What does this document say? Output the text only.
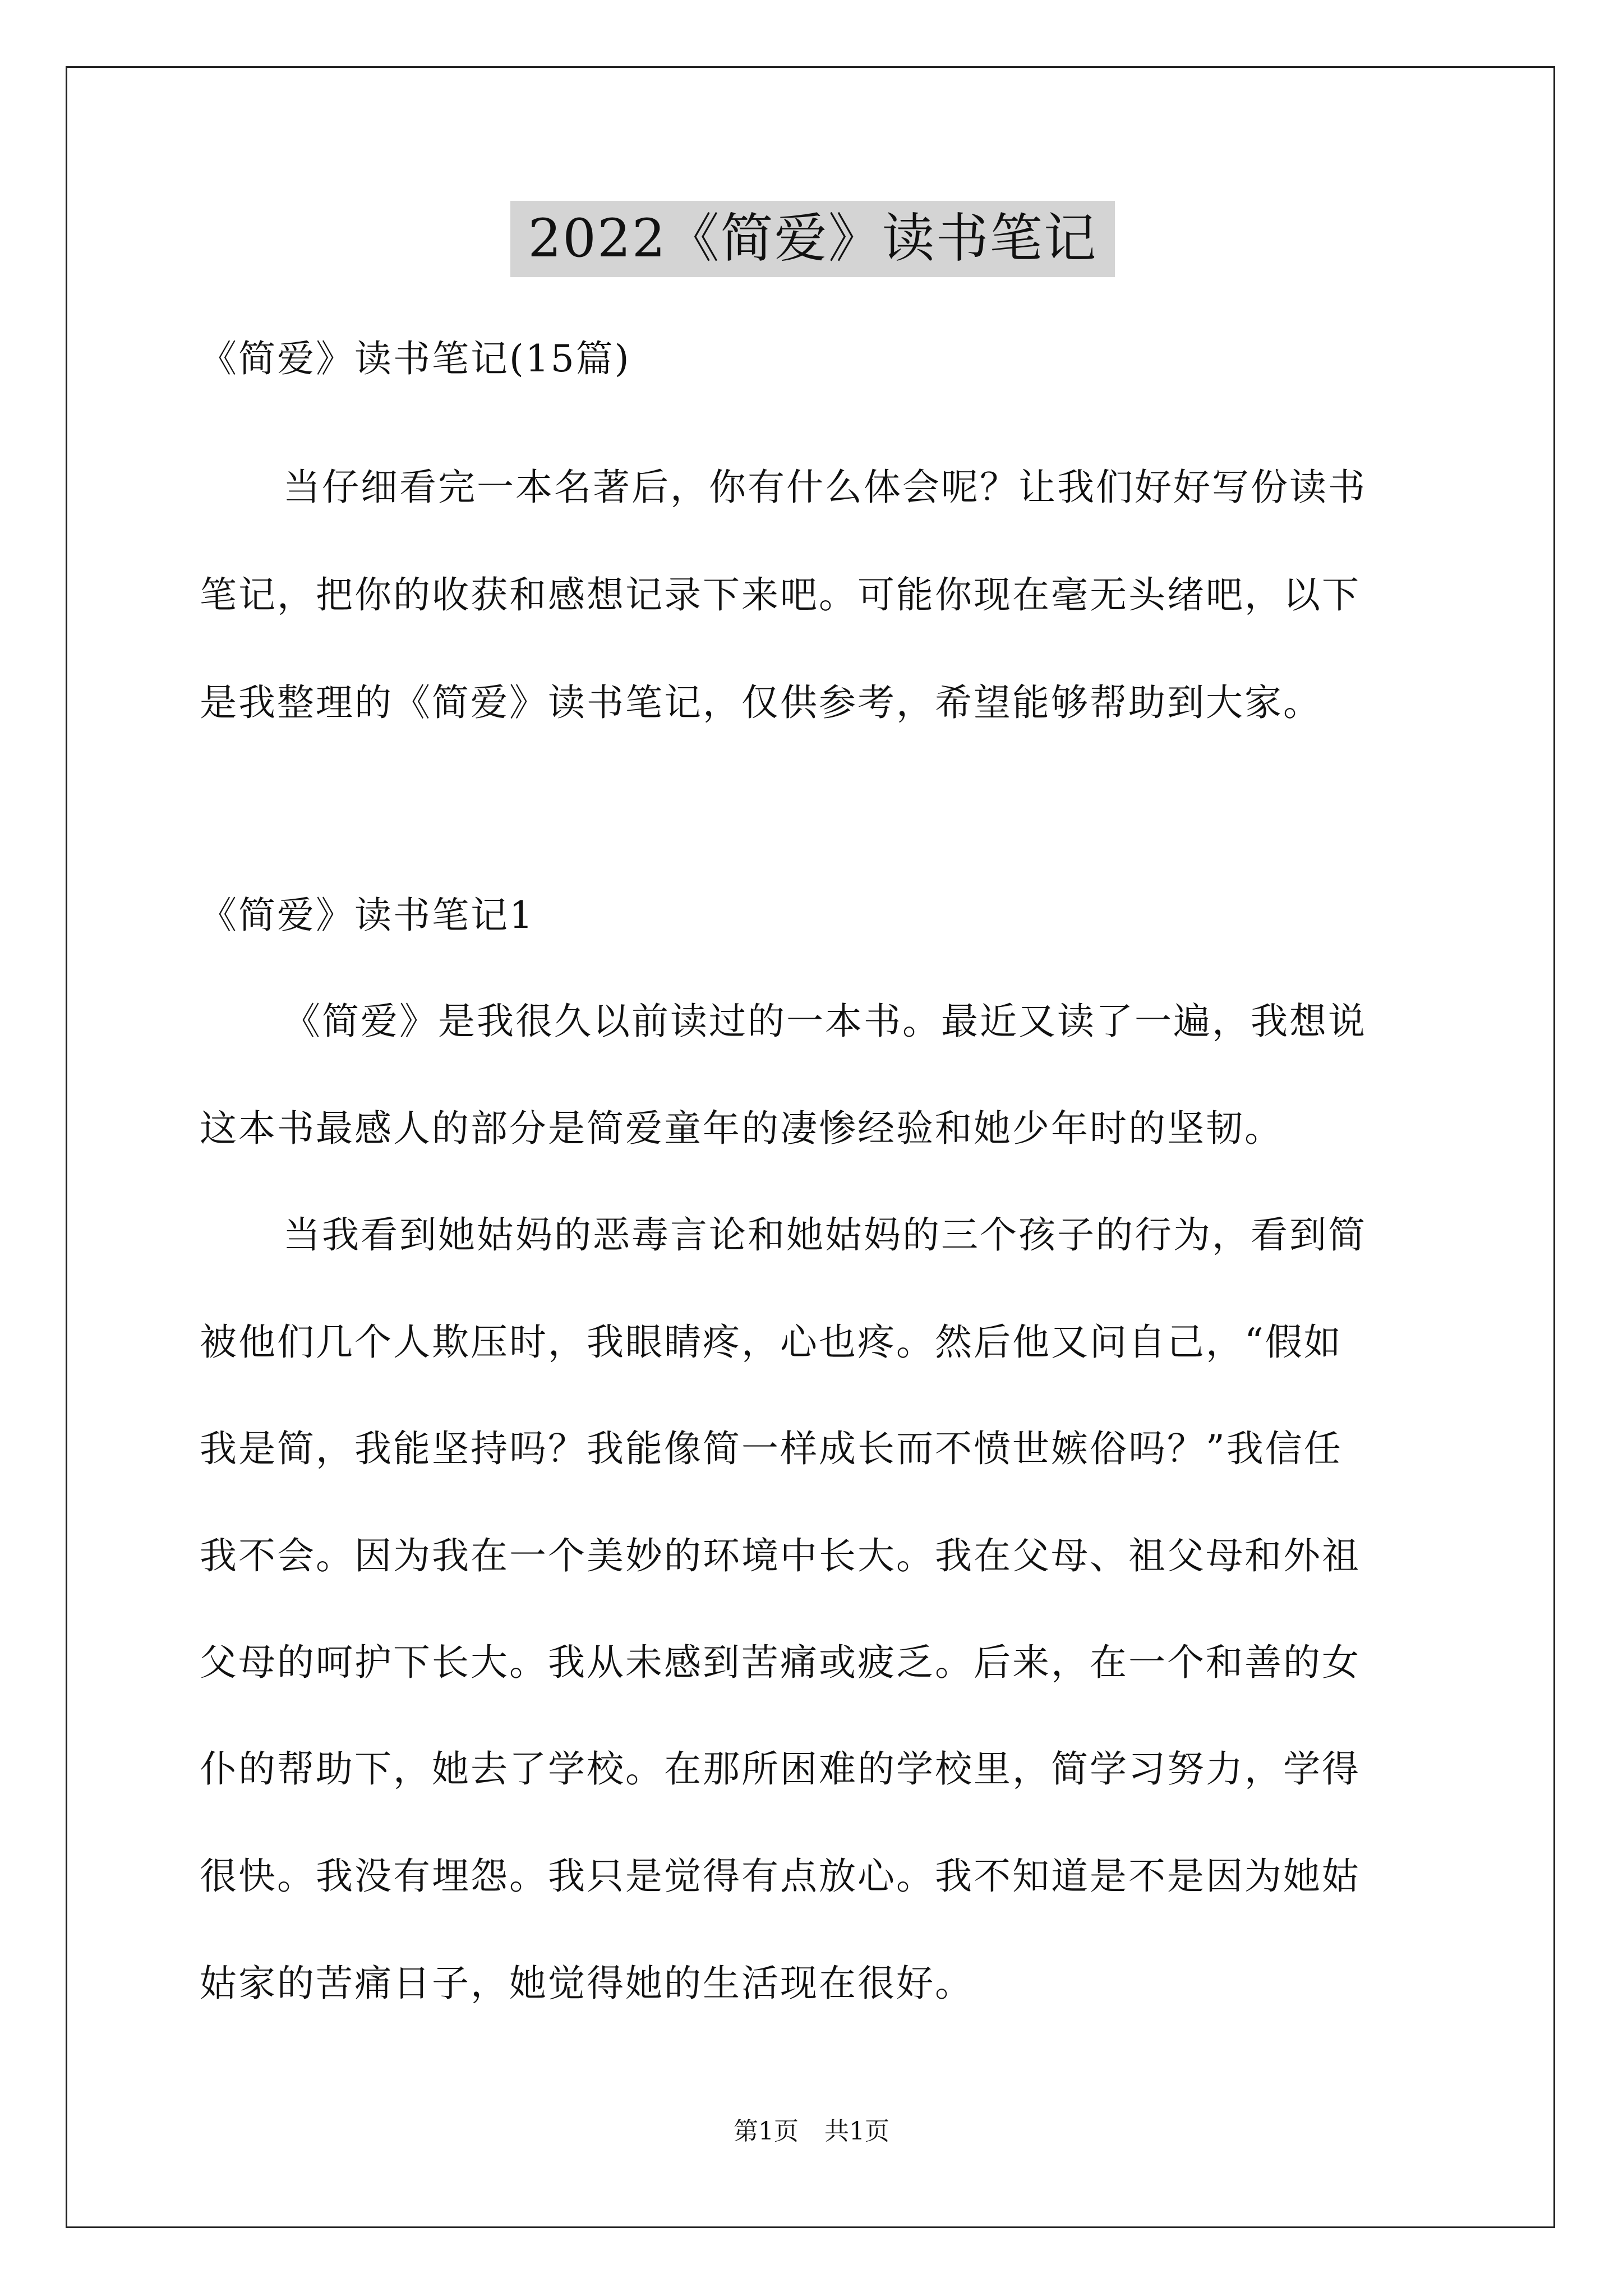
2022《简爱》读书笔记
《简爱》读书笔记(15篇)
当仔细看完一本名著后，你有什么体会呢？让我们好好写份读书
笔记，把你的收获和感想记录下来吧。可能你现在毫无头绪吧，以下
是我整理的《简爱》读书笔记，仅供参考，希望能够帮助到大家。
《简爱》读书笔记1
《简爱》是我很久以前读过的一本书。最近又读了一遍，我想说
这本书最感人的部分是简爱童年的凄惨经验和她少年时的坚韧。
当我看到她姑妈的恶毒言论和她姑妈的三个孩子的行为，看到简
被他们几个人欺压时，我眼睛疼，心也疼。然后他又问自己，“假如
我是简，我能坚持吗？我能像简一样成长而不愤世嫉俗吗？”我信任
我不会。因为我在一个美妙的环境中长大。我在父母、祖父母和外祖
父母的呵护下长大。我从未感到苦痛或疲乏。后来，在一个和善的女
仆的帮助下，她去了学校。在那所困难的学校里，简学习努力，学得
很快。我没有埋怨。我只是觉得有点放心。我不知道是不是因为她姑
姑家的苦痛日子，她觉得她的生活现在很好。
第1页 共1页
